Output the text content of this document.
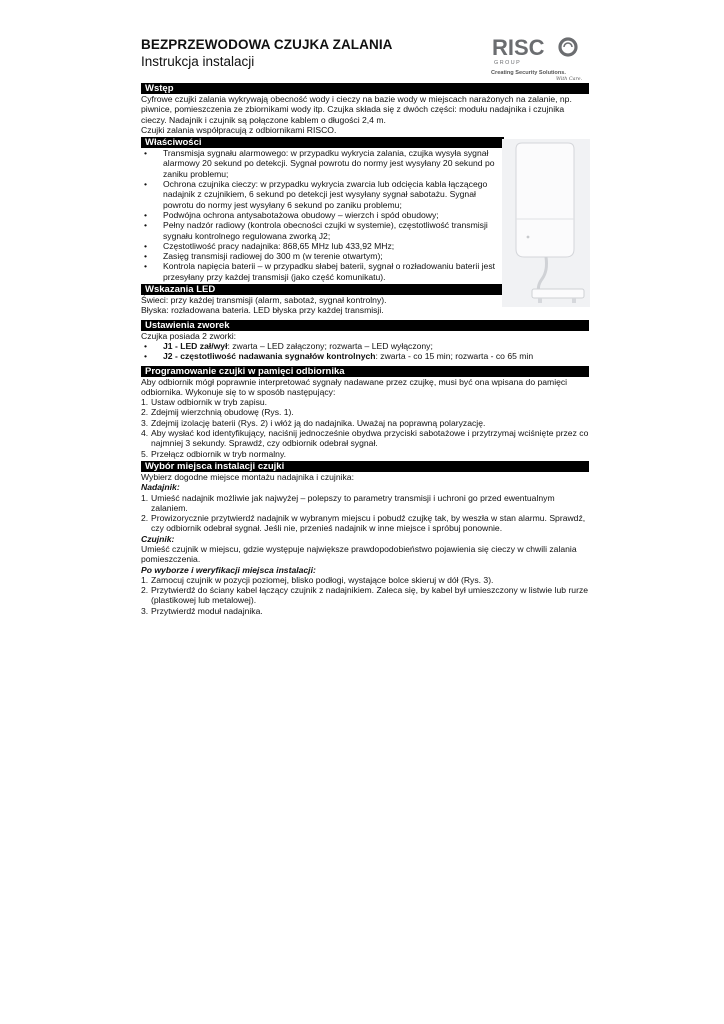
BEZPRZEWODOWA CZUJKA ZALANIA
Instrukcja instalacji
Wstęp
Cyfrowe czujki zalania wykrywają obecność wody i cieczy na bazie wody w miejscach narażonych na zalanie, np. piwnice, pomieszczenia ze zbiornikami wody itp. Czujka składa się z dwóch części: modułu nadajnika i czujnika cieczy. Nadajnik i czujnik są połączone kablem o długości 2,4 m.
Czujki zalania współpracują z odbiornikami RISCO.
Właściwości
• Transmisja sygnału alarmowego: w przypadku wykrycia zalania, czujka wysyła sygnał alarmowy 20 sekund po detekcji. Sygnał powrotu do normy jest wysyłany 20 sekund po zaniku problemu;
• Ochrona czujnika cieczy: w przypadku wykrycia zwarcia lub odcięcia kabla łączącego nadajnik z czujnikiem, 6 sekund po detekcji jest wysyłany sygnał sabotażu. Sygnał powrotu do normy jest wysyłany 6 sekund po zaniku problemu;
• Podwójna ochrona antysabotażowa obudowy – wierzch i spód obudowy;
• Pełny nadzór radiowy (kontrola obecności czujki w systemie), częstotliwość transmisji sygnału kontrolnego regulowana zworką J2;
• Częstotliwość pracy nadajnika: 868,65 MHz lub 433,92 MHz;
• Zasięg transmisji radiowej do 300 m (w terenie otwartym);
• Kontrola napięcia baterii – w przypadku słabej baterii, sygnał o rozładowaniu baterii jest przesyłany przy każdej transmisji (jako część komunikatu).
Wskazania LED
Świeci: przy każdej transmisji (alarm, sabotaż, sygnał kontrolny).
Błyska: rozładowana bateria. LED błyska przy każdej transmisji.
Ustawienia zworek
Czujka posiada 2 zworki:
• J1 - LED zał/wył: zwarta – LED załączony; rozwarta – LED wyłączony;
• J2 - częstotliwość nadawania sygnałów kontrolnych: zwarta - co 15 min; rozwarta - co 65 min
Programowanie czujki w pamięci odbiornika
Aby odbiornik mógł poprawnie interpretować sygnały nadawane przez czujkę, musi być ona wpisana do pamięci odbiornika. Wykonuje się to w sposób następujący:
1. Ustaw odbiornik w tryb zapisu.
2. Zdejmij wierzchnią obudowę (Rys. 1).
3. Zdejmij izolację baterii (Rys. 2) i włóż ją do nadajnika. Uważaj na poprawną polaryzację.
4. Aby wysłać kod identyfikujący, naciśnij jednocześnie obydwa przyciski sabotażowe i przytrzymaj wciśnięte przez co najmniej 3 sekundy. Sprawdź, czy odbiornik odebrał sygnał.
5. Przełącz odbiornik w tryb normalny.
Wybór miejsca instalacji czujki
Wybierz dogodne miejsce montażu nadajnika i czujnika:
Nadajnik:
1. Umieść nadajnik możliwie jak najwyżej – polepszy to parametry transmisji i uchroni go przed ewentualnym zalaniem.
2. Prowizorycznie przytwierdź nadajnik w wybranym miejscu i pobudź czujkę tak, by weszła w stan alarmu. Sprawdź, czy odbiornik odebrał sygnał. Jeśli nie, przenieś nadajnik w inne miejsce i spróbuj ponownie.
Czujnik:
Umieść czujnik w miejscu, gdzie występuje największe prawdopodobieństwo pojawienia się cieczy w chwili zalania pomieszczenia.
Po wyborze i weryfikacji miejsca instalacji:
1. Zamocuj czujnik w pozycji poziomej, blisko podłogi, wystające bolce skieruj w dół (Rys. 3).
2. Przytwierdź do ściany kabel łączący czujnik z nadajnikiem. Zaleca się, by kabel był umieszczony w listwie lub rurze (plastikowej lub metalowej).
3. Przytwierdź moduł nadajnika.
RISC
G R O U P
Creating Security Solutions.
With Care.
